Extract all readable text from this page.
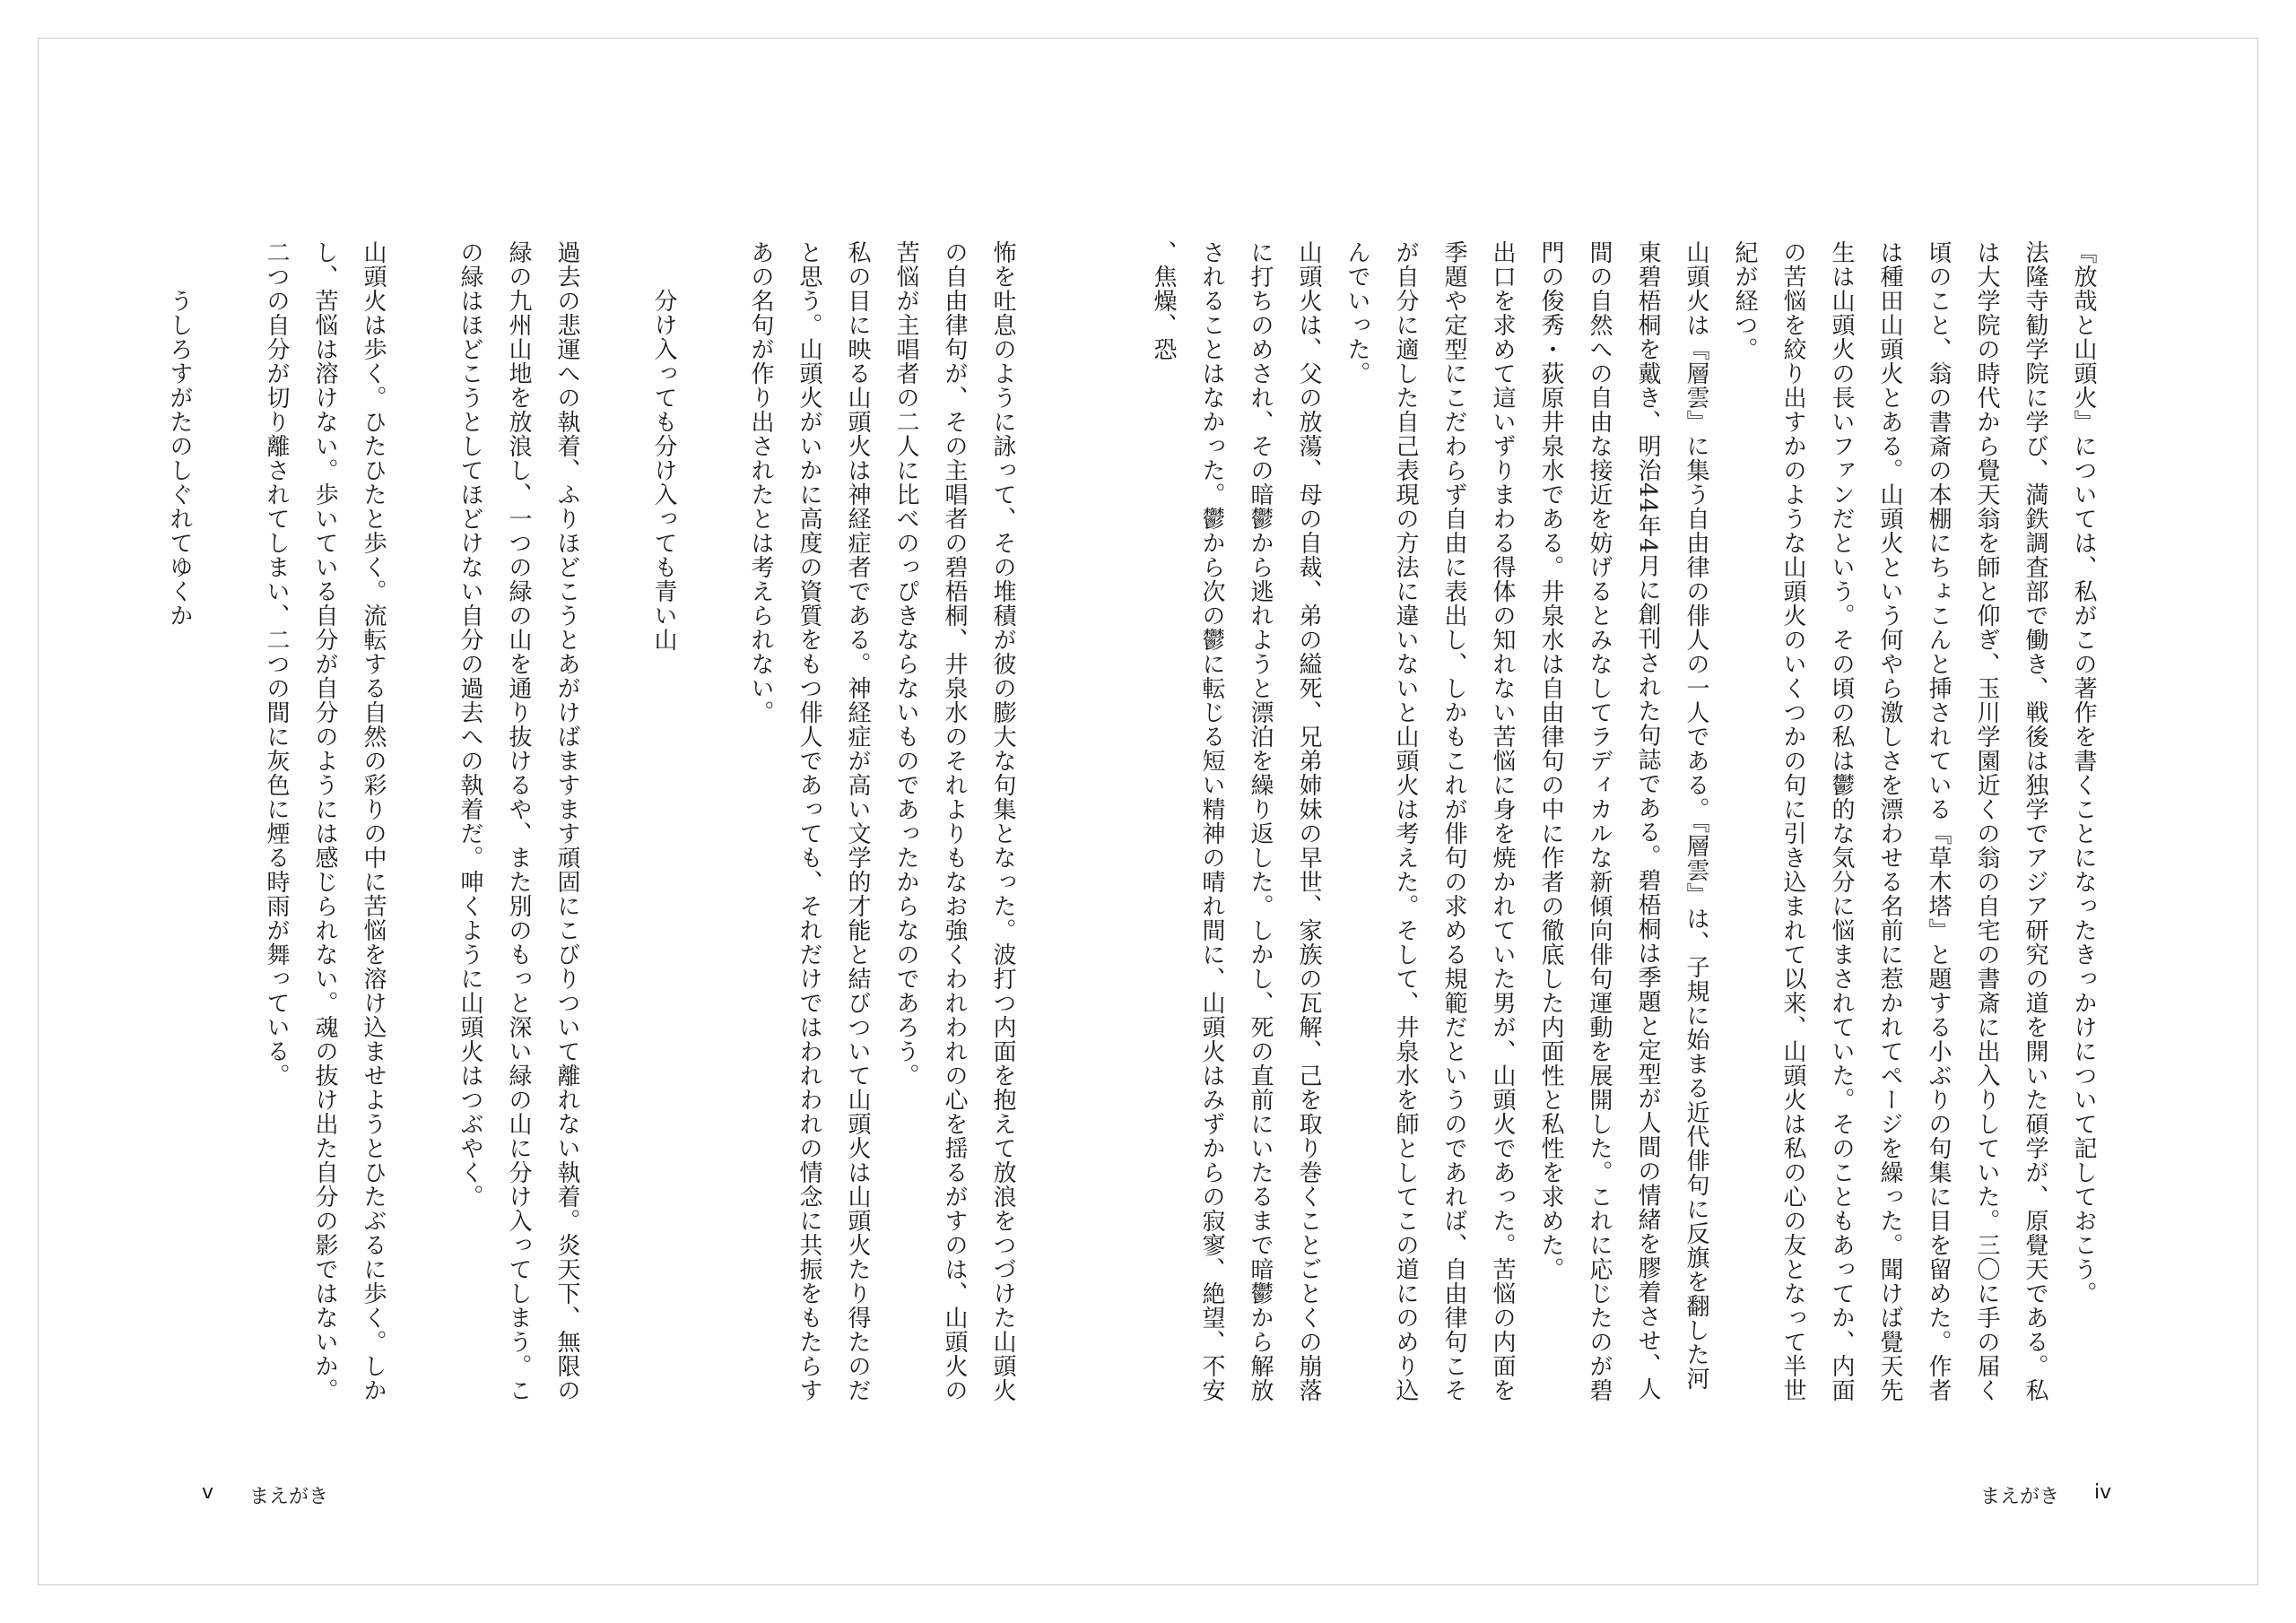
『放哉と山頭火』については、私がこの著作を書くことになったきっかけについて記しておこう。
法隆寺勧学院に学び、満鉄調査部で働き、戦後は独学でアジア研究の道を開いた碩学が、原覺天である。私は大学院の時代から覺天翁を師と仰ぎ、玉川学園近くの翁の自宅の書斎に出入りしていた。三〇に手の届く頃のこと、翁の書斎の本棚にちょこんと挿されている『草木塔』と題する小ぶりの句集に目を留めた。作者は種田山頭火とある。山頭火という何やら激しさを漂わせる名前に惹かれてページを繰った。聞けば覺天先生は山頭火の長いファンだという。その頃の私は鬱的な気分に悩まされていた。そのこともあってか、内面の苦悩を絞り出すかのような山頭火のいくつかの句に引き込まれて以来、山頭火は私の心の友となって半世紀が経つ。
山頭火は『層雲』に集う自由律の俳人の一人である。『層雲』は、子規に始まる近代俳句に反旗を翻した河東碧梧桐を戴き、明治44年4月に創刊された句誌である。碧梧桐は季題と定型が人間の情緒を膠着させ、人間の自然への自由な接近を妨げるとみなしてラディカルな新傾向俳句運動を展開した。これに応じたのが碧門の俊秀・荻原井泉水である。井泉水は自由律句の中に作者の徹底した内面性と私性を求めた。
出口を求めて這いずりまわる得体の知れない苦悩に身を焼かれていた男が、山頭火であった。苦悩の内面を季題や定型にこだわらず自由に表出し、しかもこれが俳句の求める規範だというのであれば、自由律句こそが自分に適した自己表現の方法に違いないと山頭火は考えた。そして、井泉水を師としてこの道にのめり込んでいった。
山頭火は、父の放蕩、母の自裁、弟の縊死、兄弟姉妹の早世、家族の瓦解、己を取り巻くことごとくの崩落に打ちのめされ、その暗鬱から逃れようと漂泊を繰り返した。しかし、死の直前にいたるまで暗鬱から解放されることはなかった。鬱から次の鬱に転じる短い精神の晴れ間に、山頭火はみずからの寂寥、絶望、不安、焦燥、恐
怖を吐息のように詠って、その堆積が彼の膨大な句集となった。波打つ内面を抱えて放浪をつづけた山頭火の自由律句が、その主唱者の碧梧桐、井泉水のそれよりもなお強くわれわれの心を揺るがすのは、山頭火の苦悩が主唱者の二人に比べのっぴきならないものであったからなのであろう。
私の目に映る山頭火は神経症者である。神経症が高い文学的才能と結びついて山頭火は山頭火たり得たのだと思う。山頭火がいかに高度の資質をもつ俳人であっても、それだけではわれわれの情念に共振をもたらすあの名句が作り出されたとは考えられない。

　　分け入っても分け入っても青い山

過去の悲運への執着、ふりほどこうとあがけばますます頑固にこびりついて離れない執着。炎天下、無限の緑の九州山地を放浪し、一つの緑の山を通り抜けるや、また別のもっと深い緑の山に分け入ってしまう。この緑はほどこうとしてほどけない自分の過去への執着だ。呻くように山頭火はつぶやく。

山頭火は歩く。ひたひたと歩く。流転する自然の彩りの中に苦悩を溶け込ませようとひたぶるに歩く。しかし、苦悩は溶けない。歩いている自分が自分のようには感じられない。魂の抜け出た自分の影ではないか。二つの自分が切り離されてしまい、二つの間に灰色に煙る時雨が舞っている。

　　うしろすがたのしぐれてゆくか
v まえがき	まえがき iv
